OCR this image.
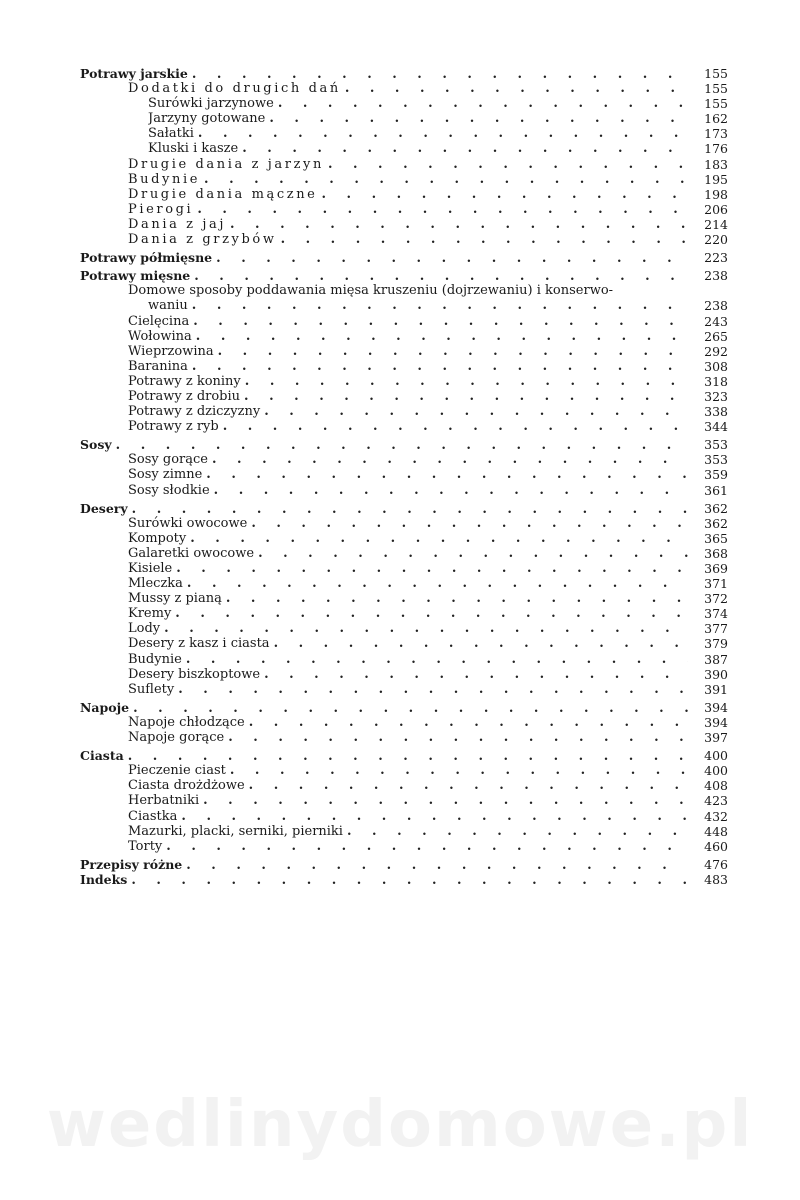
Potrawy jarskie . . .	155
Dodatki do drugich dań . . .	155
Surówki jarzynowe . . .	155
Jarzyny gotowane . . .	162
Sałatki . . .	173
Kluski i kasze . . .	176
Drugie dania z jarzyn . . .	183
Budynie . . .	195
Drugie dania mączne . . .	198
Pierogi . . .	206
Dania z jaj . . .	214
Dania z grzybów . . .	220
Potrawy półmięsne . . .	223
Potrawy mięsne . . .	238
Domowe sposoby poddawania mięsa kruszeniu (dojrzewaniu) i konserwo-
waniu . . .	238
Cielęcina . . .	243
Wołowina . . .	265
Wieprzowina . . .	292
Baranina . . .	308
Potrawy z koniny . . .	318
Potrawy z drobiu . . .	323
Potrawy z dziczyzny . . .	338
Potrawy z ryb . . .	344
Sosy . . .	353
Sosy gorące . . .	353
Sosy zimne . . .	359
Sosy słodkie . . .	361
Desery . . .	362
Surówki owocowe . . .	362
Kompoty . . .	365
Galaretki owocowe . . .	368
Kisiele . . .	369
Mleczka . . .	371
Mussy z pianą . . .	372
Kremy . . .	374
Lody . . .	377
Desery z kasz i ciasta . . .	379
Budynie . . .	387
Desery biszkoptowe . . .	390
Suflety . . .	391
Napoje . . .	394
Napoje chłodzące . . .	394
Napoje gorące . . .	397
Ciasta . . .	400
Pieczenie ciast . . .	400
Ciasta drożdżowe . . .	408
Herbatniki . . .	423
Ciastka . . .	432
Mazurki, placki, serniki, pierniki . . .	448
Torty . . .	460
Przepisy różne . . .	476
Indeks . . .	483
wedlinydomowe.pl
